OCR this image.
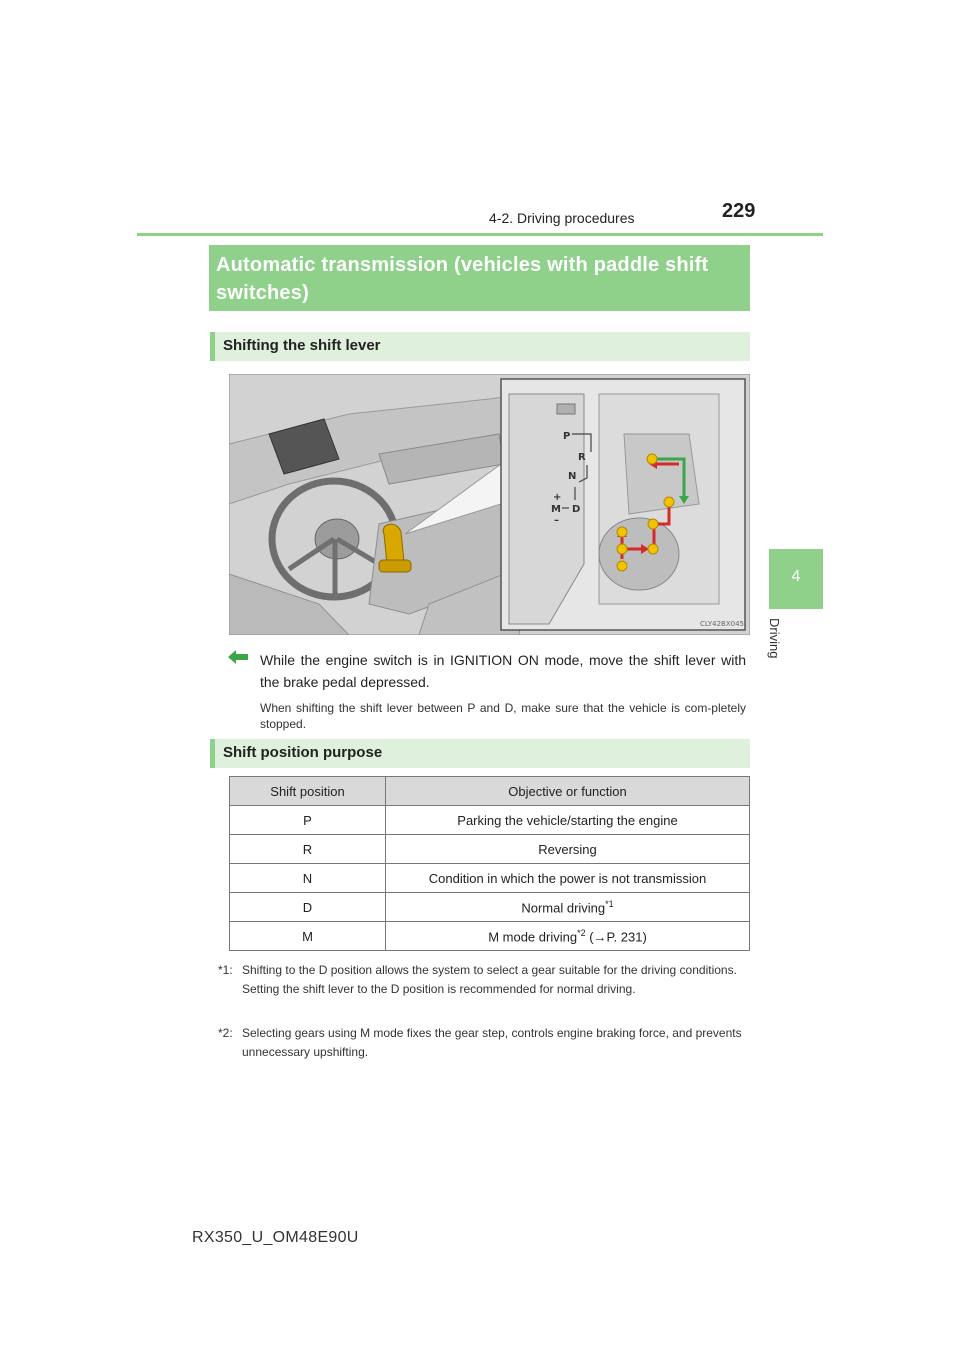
4-2. Driving procedures	229
4
Driving
Automatic transmission (vehicles with paddle shift switches)
Shifting the shift lever
P
R
N
D
M
+
–
CLY42BX045
While the engine switch is in IGNITION ON mode, move the shift lever with the brake pedal depressed.
When shifting the shift lever between P and D, make sure that the vehicle is com-pletely stopped.
Shift position purpose
Shift position	Objective or function
P	Parking the vehicle/starting the engine
R	Reversing
N	Condition in which the power is not transmission
D	Normal driving$^{*1}$
M	M mode driving$^{*2}$ (→P. 231)
*1: Shifting to the D position allows the system to select a gear suitable for the driving conditions.
Setting the shift lever to the D position is recommended for normal driving.
*2: Selecting gears using M mode fixes the gear step, controls engine braking force, and prevents unnecessary upshifting.
RX350_U_OM48E90U
